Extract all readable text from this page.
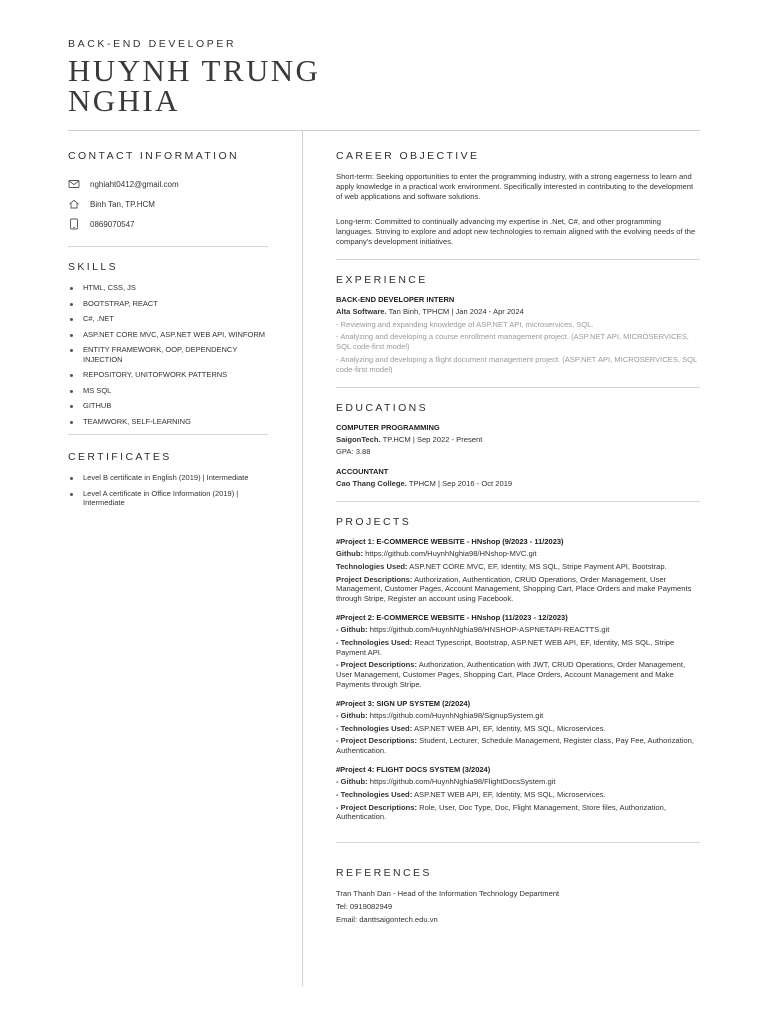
BACK-END DEVELOPER
HUYNH TRUNG
NGHIA
CONTACT INFORMATION
nghiaht0412@gmail.com
Binh Tan, TP.HCM
0869070547
SKILLS
HTML, CSS, JS
BOOTSTRAP, REACT
C#, .NET
ASP.NET CORE MVC, ASP.NET WEB API, WINFORM
ENTITY FRAMEWORK, OOP, DEPENDENCY INJECTION
REPOSITORY, UNITOFWORK PATTERNS
MS SQL
GITHUB
TEAMWORK, SELF-LEARNING
CERTIFICATES
Level B certificate in English (2019) | Intermediate
Level A certificate in Office Information (2019) | Intermediate
CAREER OBJECTIVE

Short-term: Seeking opportunities to enter the programming industry, with a strong eagerness to learn and apply knowledge in a practical work environment. Specifically interested in contributing to the development of web applications and software solutions.

Long-term: Committed to continually advancing my expertise in .Net, C#, and other programming languages. Striving to explore and adopt new technologies to remain aligned with the evolving needs of the company's development initiatives.

EXPERIENCE
BACK-END DEVELOPER INTERN
Alta Software. Tan Binh, TPHCM | Jan 2024 - Apr 2024

- Reviewing and expanding knowledge of ASP.NET API, microservices, SQL.

- Analyzing and developing a course enrollment management project. (ASP.NET API, MICROSERVICES, SQL code-first model)

- Analyzing and developing a flight document management project. (ASP.NET API, MICROSERVICES, SQL code-first model)

EDUCATIONS
COMPUTER PROGRAMMING
SaigonTech. TP.HCM | Sep 2022 - Present
GPA: 3.88
ACCOUNTANT
Cao Thang College. TPHCM | Sep 2016 - Oct 2019
PROJECTS
#Project 1: E-COMMERCE WEBSITE - HNshop (9/2023 - 11/2023)

Github: https://github.com/HuynhNghia98/HNshop-MVC.git

Technologies Used: ASP.NET CORE MVC, EF, Identity, MS SQL, Stripe Payment API, Bootstrap.

Project Descriptions: Authorization, Authentication, CRUD Operations, Order Management, User Management, Customer Pages, Account Management, Shopping Cart, Place Orders and make Payments through Stripe, Register an account using Facebook.

#Project 2: E-COMMERCE WEBSITE - HNshop (11/2023 - 12/2023)

- Github: https://github.com/HuynhNghia98/HNSHOP-ASPNETAPI-REACTTS.git

- Technologies Used: React Typescript, Bootstrap, ASP.NET WEB API, EF, Identity, MS SQL, Stripe Payment API.

- Project Descriptions: Authorization, Authentication with JWT, CRUD Operations, Order Management, User Management, Customer Pages, Shopping Cart, Place Orders, Account Management and Make Payments through Stripe.

#Project 3: SIGN UP SYSTEM (2/2024)

- Github: https://github.com/HuynhNghia98/SignupSystem.git

- Technologies Used: ASP.NET WEB API, EF, Identity, MS SQL, Microservices.

- Project Descriptions: Student, Lecturer, Schedule Management, Register class, Pay Fee, Authorization, Authentication.

#Project 4: FLIGHT DOCS SYSTEM (3/2024)

- Github: https://github.com/HuynhNghia98/FlightDocsSystem.git

- Technologies Used: ASP.NET WEB API, EF, Identity, MS SQL, Microservices.

- Project Descriptions: Role, User, Doc Type, Doc, Flight Management, Store files, Authorization, Authentication.

REFERENCES

Tran Thanh Dan - Head of the Information Technology Department

Tel: 0919082949

Email: danttsaigontech.edu.vn
